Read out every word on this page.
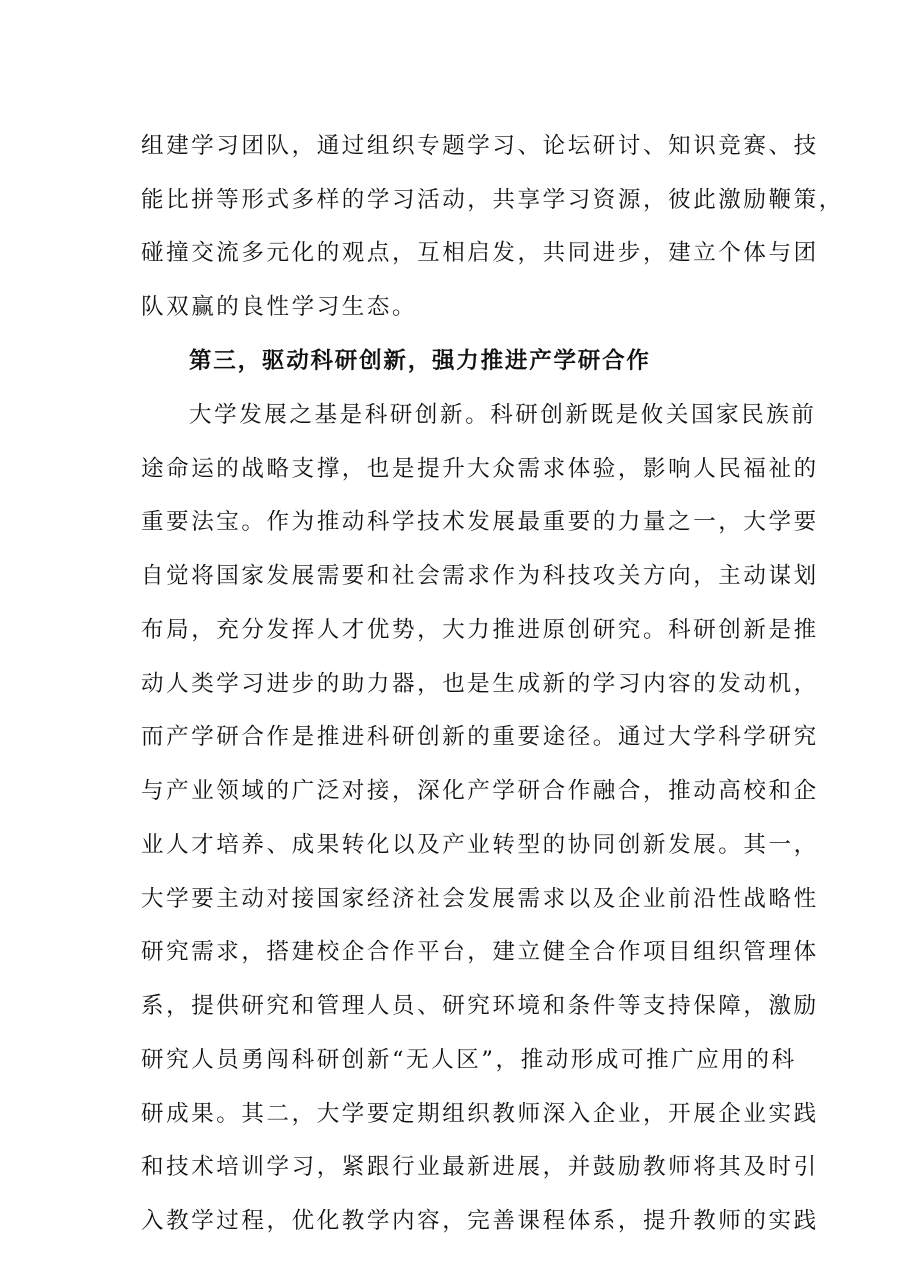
组建学习团队，通过组织专题学习、论坛研讨、知识竞赛、技
能比拼等形式多样的学习活动，共享学习资源，彼此激励鞭策，
碰撞交流多元化的观点，互相启发，共同进步，建立个体与团
队双赢的良性学习生态。
第三，驱动科研创新，强力推进产学研合作
大学发展之基是科研创新。科研创新既是攸关国家民族前
途命运的战略支撑，也是提升大众需求体验，影响人民福祉的
重要法宝。作为推动科学技术发展最重要的力量之一，大学要
自觉将国家发展需要和社会需求作为科技攻关方向，主动谋划
布局，充分发挥人才优势，大力推进原创研究。科研创新是推
动人类学习进步的助力器，也是生成新的学习内容的发动机，
而产学研合作是推进科研创新的重要途径。通过大学科学研究
与产业领域的广泛对接，深化产学研合作融合，推动高校和企
业人才培养、成果转化以及产业转型的协同创新发展。其一，
大学要主动对接国家经济社会发展需求以及企业前沿性战略性
研究需求，搭建校企合作平台，建立健全合作项目组织管理体
系，提供研究和管理人员、研究环境和条件等支持保障，激励
研究人员勇闯科研创新“无人区”，推动形成可推广应用的科
研成果。其二，大学要定期组织教师深入企业，开展企业实践
和技术培训学习，紧跟行业最新进展，并鼓励教师将其及时引
入教学过程，优化教学内容，完善课程体系，提升教师的实践
